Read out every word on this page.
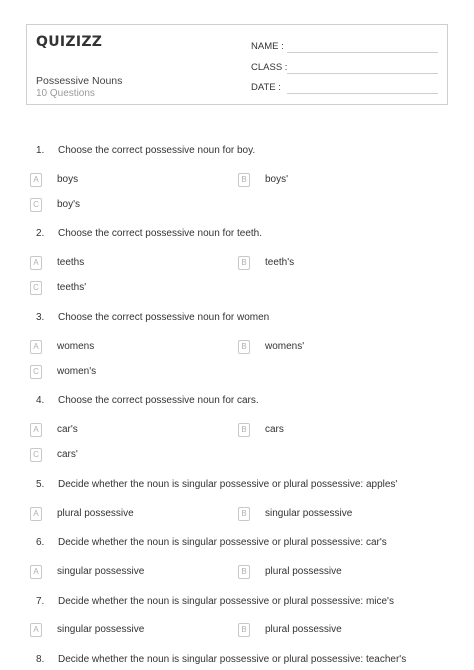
QUIZIZZ
Possessive Nouns
10 Questions
NAME :
CLASS :
DATE :
1. Choose the correct possessive noun for boy.
A	boys	B	boys'
C	boy's
2. Choose the correct possessive noun for teeth.
A	teeths	B	teeth's
C	teeths'
3. Choose the correct possessive noun for women
A	womens	B	womens'
C	women's
4. Choose the correct possessive noun for cars.
A	car's	B	cars
C	cars'
5. Decide whether the noun is singular possessive or plural possessive: apples'
A	plural possessive	B	singular possessive
6. Decide whether the noun is singular possessive or plural possessive: car's
A	singular possessive	B	plural possessive
7. Decide whether the noun is singular possessive or plural possessive: mice's
A	singular possessive	B	plural possessive
8. Decide whether the noun is singular possessive or plural possessive: teacher's
